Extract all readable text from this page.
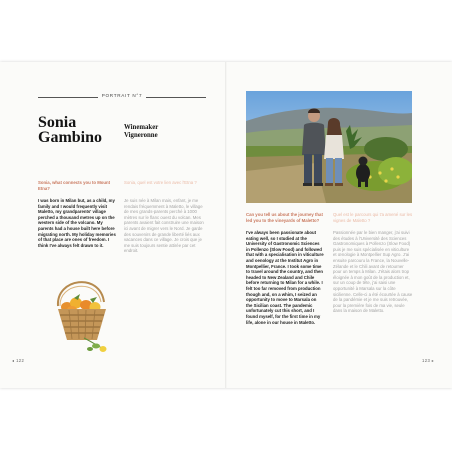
PORTRAIT N°7
Sonia
Gambino
Winemaker
Vigneronne
Sonia, what connects you to Mount Etna?
Sonia, quel est votre lien avec l'Etna ?
I was born in Milan but, as a child, my family and I would frequently visit Maletto, my grandparents' village perched a thousand metres up on the western side of the volcano. My parents had a house built here before migrating north. My holiday memories of that place are ones of freedom. I think I've always felt drawn to it.
Je suis née à Milan mais, enfant, je me rendais fréquemment à Maletto, le village de mes grands-parents perché à 1000 mètres sur le flanc ouest du volcan. Mes parents avaient fait construire une maison ici avant de migrer vers le Nord. Je garde des souvenirs de grande liberté liés aux vacances dans ce village. Je crois que je me suis toujours sentie attirée par cet endroit.
◂ 122
Can you tell us about the journey that led you to the vineyards of Maletto?
Quel est le parcours qui t'a amené sur les vignes de Maletto ?
I've always been passionate about eating well, so I studied at the University of Gastronomic Sciences in Pollenzo (Slow Food) and followed that with a specialisation in viticulture and oenology at the Institut Agro in Montpellier, France. I took some time to travel around the country, and then headed to New Zealand and Chile before returning to Milan for a while. I felt too far removed from production though and, on a whim, I seized an opportunity to move to Marsala on the Sicilian coast. The pandemic unfortunately cut this short, and I found myself, for the first time in my life, alone in our house in Maletto.
Passionnée par le bien manger, j'ai suivi des études à l'Université des Sciences Gastronomiques à Pollenzo (Slow Food) puis je me suis spécialisée en viticulture et œnologie à Montpellier Sup Agro. J'ai ensuite parcouru la France, la Nouvelle-Zélande et le Chili avant de retourner pour un temps à Milan. J'étais alors trop éloignée à mon goût de la production et, sur un coup de tête, j'ai saisi une opportunité à Marsala sur la côte sicilienne. Celle-ci a été écourtée à cause de la pandémie et je me suis retrouvée, pour la première fois de ma vie, seule dans la maison de Maletto.
123 ▸
